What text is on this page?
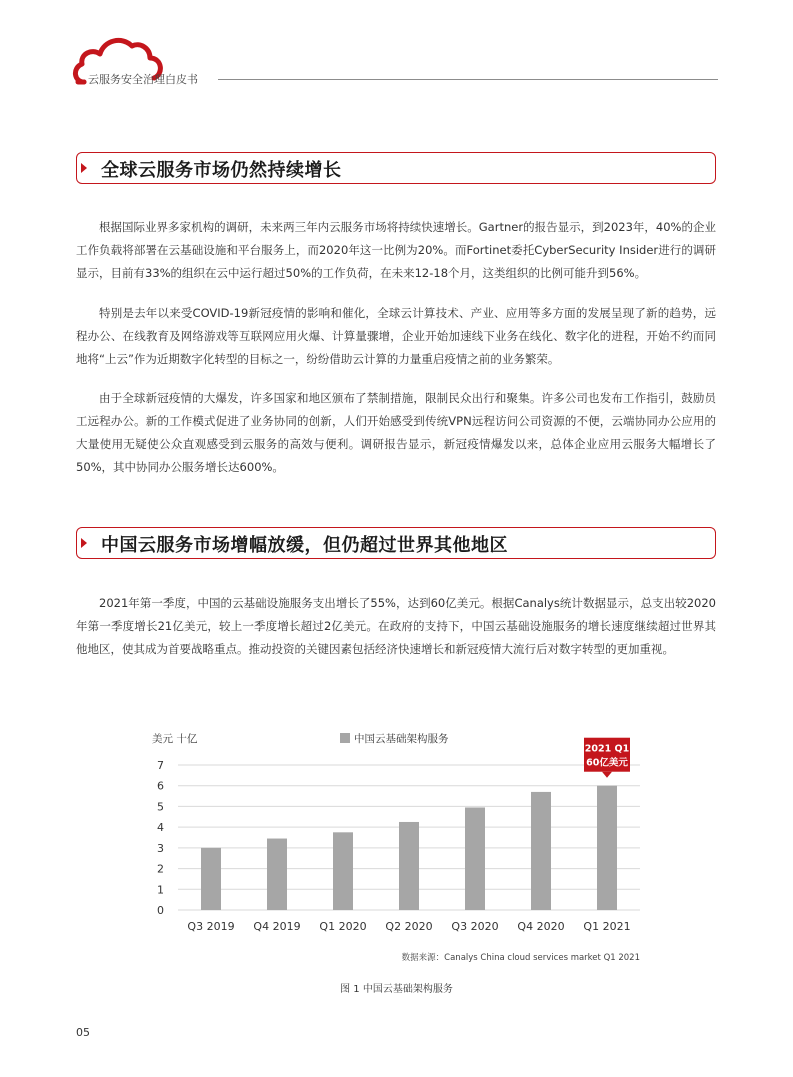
云服务安全治理白皮书
全球云服务市场仍然持续增长

根据国际业界多家机构的调研，未来两三年内云服务市场将持续快速增长。Gartner的报告显示，到2023年，40%的企业工作负载将部署在云基础设施和平台服务上，而2020年这一比例为20%。而Fortinet委托CyberSecurity Insider进行的调研显示，目前有33%的组织在云中运行超过50%的工作负荷，在未来12-18个月，这类组织的比例可能升到56%。

特别是去年以来受COVID-19新冠疫情的影响和催化，全球云计算技术、产业、应用等多方面的发展呈现了新的趋势，远程办公、在线教育及网络游戏等互联网应用火爆、计算量骤增，企业开始加速线下业务在线化、数字化的进程，开始不约而同地将“上云”作为近期数字化转型的目标之一，纷纷借助云计算的力量重启疫情之前的业务繁荣。

由于全球新冠疫情的大爆发，许多国家和地区颁布了禁制措施，限制民众出行和聚集。许多公司也发布工作指引，鼓励员工远程办公。新的工作模式促进了业务协同的创新，人们开始感受到传统VPN远程访问公司资源的不便，云端协同办公应用的大量使用无疑使公众直观感受到云服务的高效与便利。调研报告显示，新冠疫情爆发以来，总体企业应用云服务大幅增长了50%，其中协同办公服务增长达600%。

中国云服务市场增幅放缓，但仍超过世界其他地区

2021年第一季度，中国的云基础设施服务支出增长了55%，达到60亿美元。根据Canalys统计数据显示，总支出较2020年第一季度增长21亿美元，较上一季度增长超过2亿美元。在政府的支持下，中国云基础设施服务的增长速度继续超过世界其他地区，使其成为首要战略重点。推动投资的关键因素包括经济快速增长和新冠疫情大流行后对数字转型的更加重视。

0
1
2
3
4
5
6
7
Q3 2019 Q4 2019 Q1 2020 Q2 2020 Q3 2020 Q4 2020 Q1 2021
美元 十亿	中国云基础架构服务
2021 Q1
60亿美元
数据来源：Canalys China cloud services market Q1 2021
图 1 中国云基础架构服务
05
